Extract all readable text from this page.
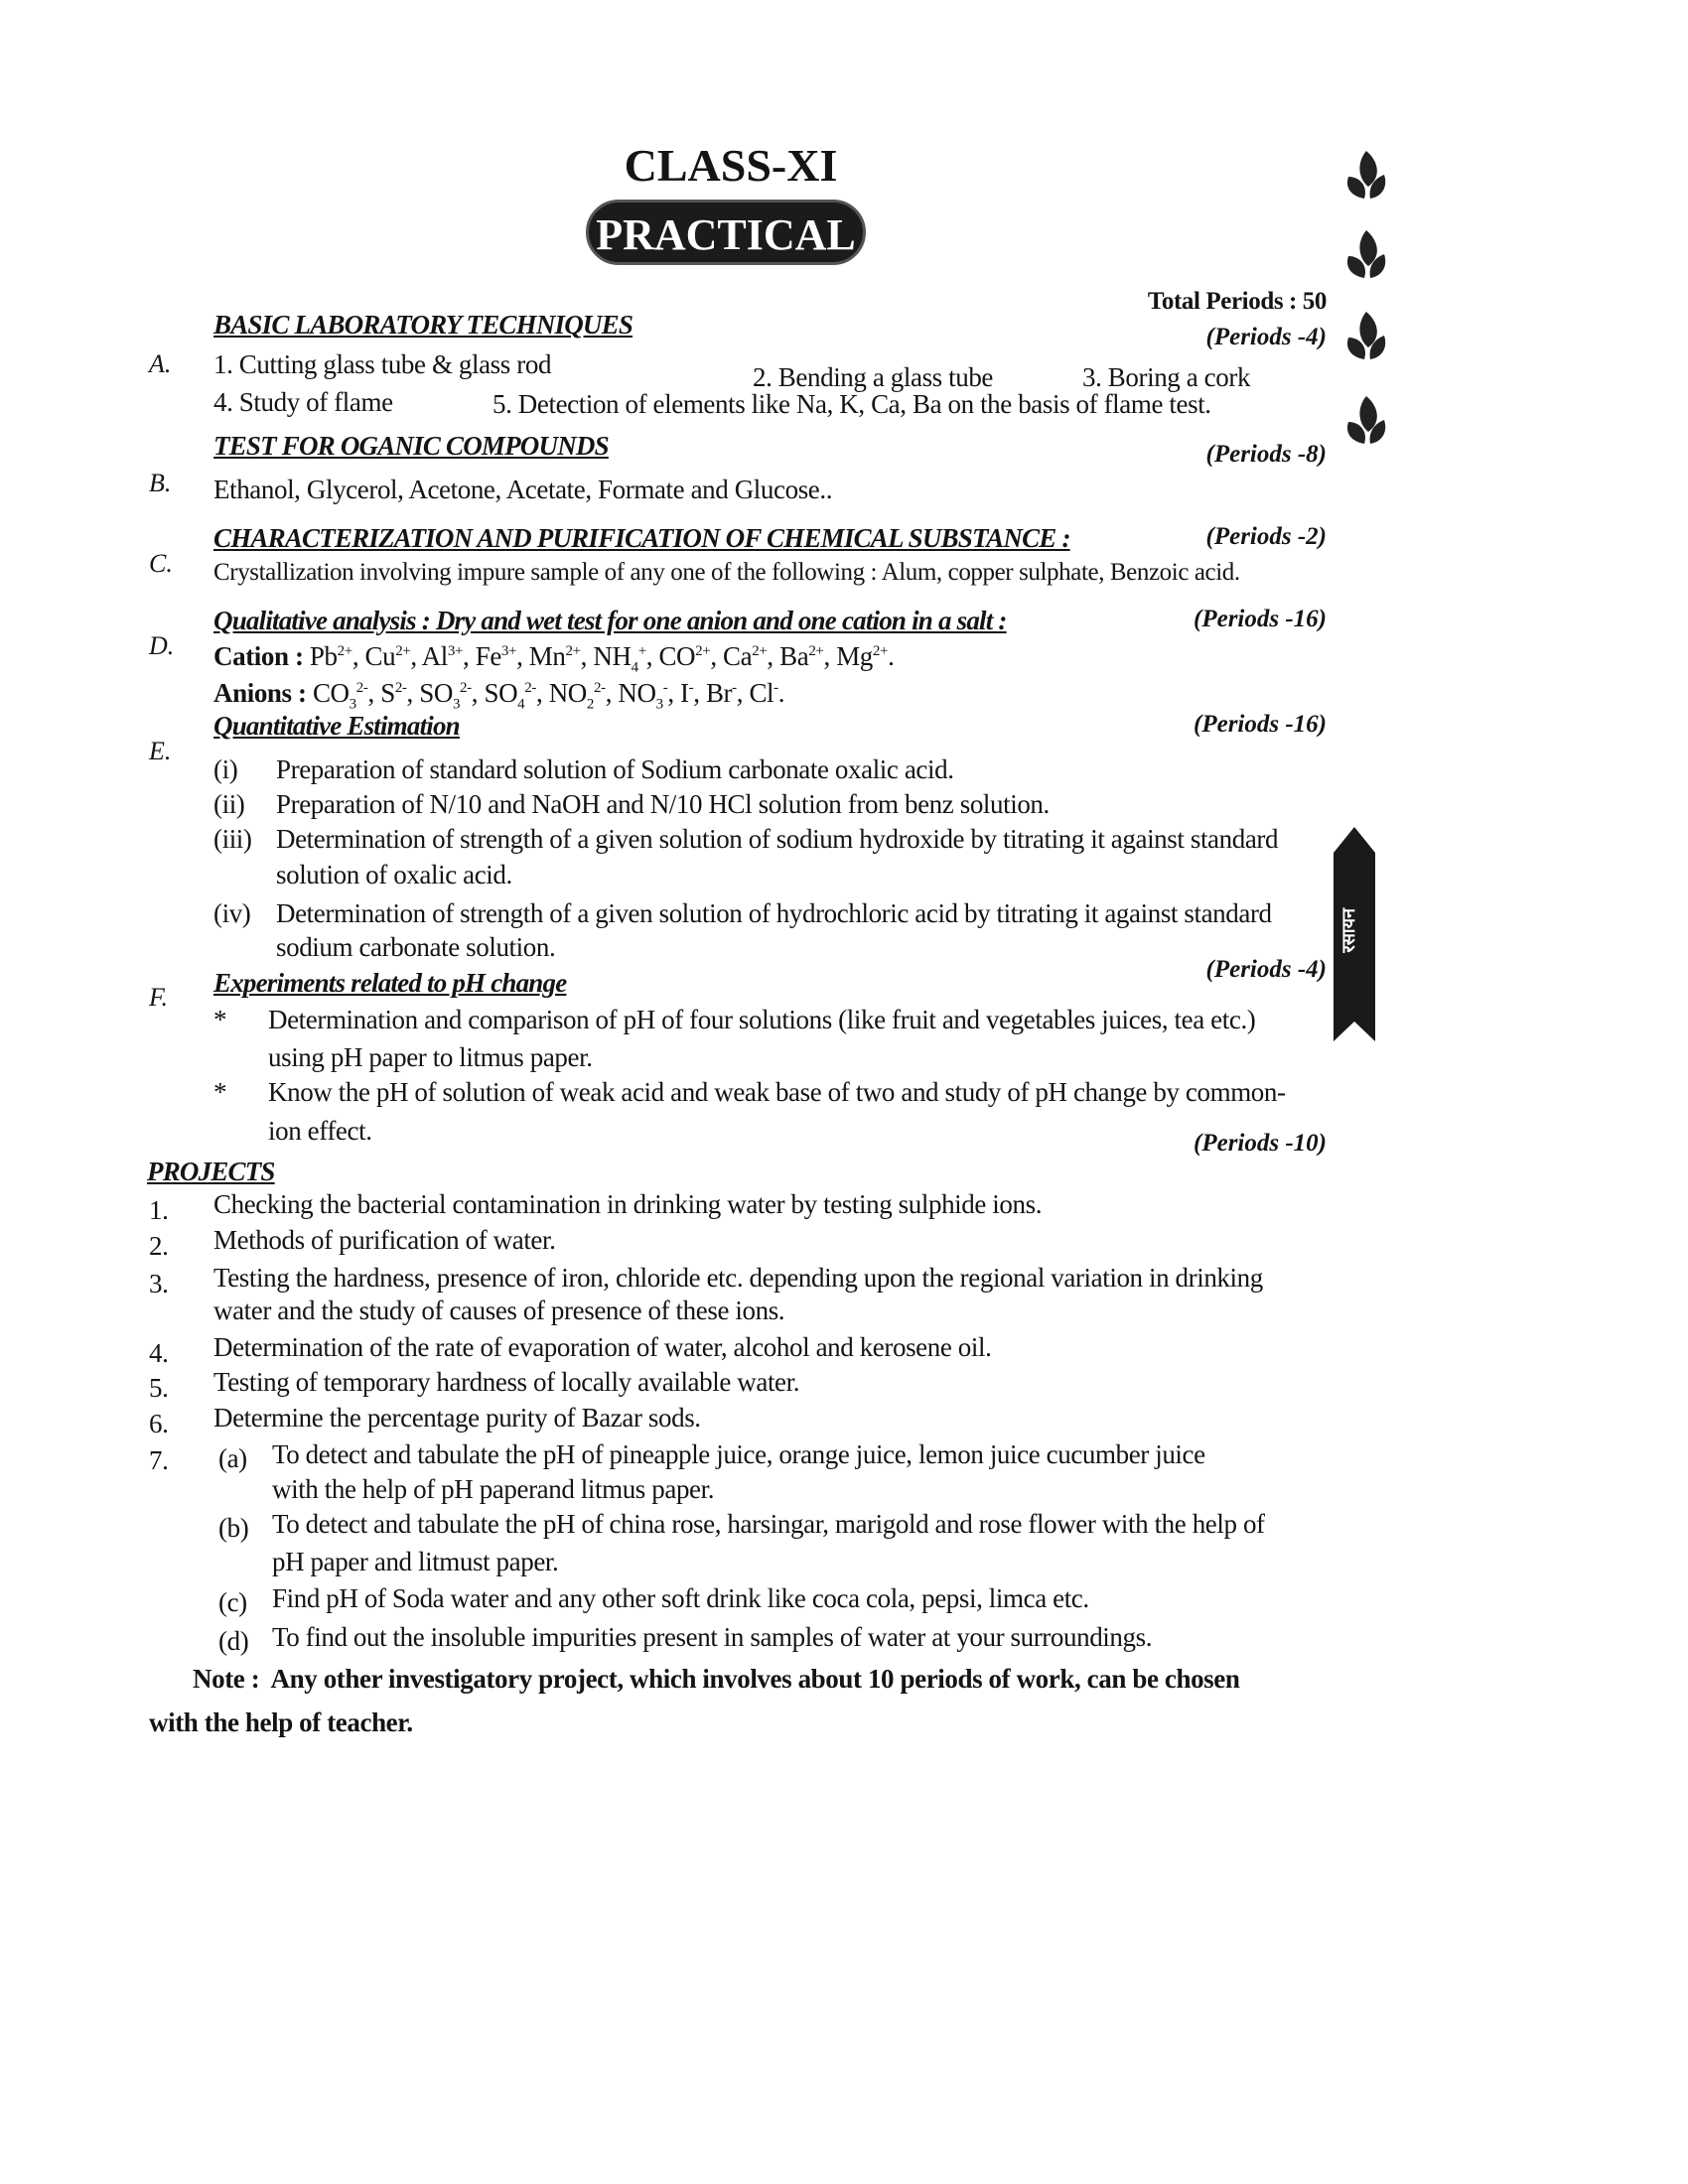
CLASS-XI
PRACTICAL
Total Periods : 50
रसायन
A.
BASIC LABORATORY TECHNIQUES	(Periods -4)
1. Cutting glass tube & glass rod	2. Bending a glass tube	3. Boring a cork
4. Study of flame	5. Detection of elements like Na, K, Ca, Ba on the basis of flame test.
B.
TEST FOR OGANIC COMPOUNDS	(Periods -8)
Ethanol, Glycerol, Acetone, Acetate, Formate and Glucose..
C.
CHARACTERIZATION AND PURIFICATION OF CHEMICAL SUBSTANCE :	(Periods -2)
Crystallization involving impure sample of any one of the following : Alum, copper sulphate, Benzoic acid.
D.
Qualitative analysis : Dry and wet test for one anion and one cation in a salt :	(Periods -16)
Cation : $Pb^{2+}$, $Cu^{2+}$, $Al^{3+}$, $Fe^{3+}$, $Mn^{2+}$, $NH_4^+$, $CO^{2+}$, $Ca^{2+}$, $Ba^{2+}$, $Mg^{2+}$.
Anions : $CO_3^{2-}$, $S^{2-}$, $SO_3^{2-}$, $SO_4^{2-}$, $NO_2^{2-}$, $NO_3^-$, I-, Br-, Cl-.
E.
Quantitative Estimation	(Periods -16)
F. Experiments related to pH change	(Periods -4)
PROJECTS
(Periods -10)
Note : Any other investigatory project, which involves about 10 periods of work, can be chosen
with the help of teacher.
(i) Preparation of standard solution of Sodium carbonate oxalic acid.
(ii) Preparation of N/10 and NaOH and N/10 HCl solution from benz solution.
(iii) Determination of strength of a given solution of sodium hydroxide by titrating it against standard
solution of oxalic acid.
(iv) Determination of strength of a given solution of hydrochloric acid by titrating it against standard
sodium carbonate solution.
* Determination and comparison of pH of four solutions (like fruit and vegetables juices, tea etc.)
using pH paper to litmus paper.
* Know the pH of solution of weak acid and weak base of two and study of pH change by common-
ion effect.
1. Checking the bacterial contamination in drinking water by testing sulphide ions.
2. Methods of purification of water.
3. Testing the hardness, presence of iron, chloride etc. depending upon the regional variation in drinking
water and the study of causes of presence of these ions.
4. Determination of the rate of evaporation of water, alcohol and kerosene oil.
5. Testing of temporary hardness of locally available water.
6. Determine the percentage purity of Bazar sods.
7. (a) To detect and tabulate the pH of pineapple juice, orange juice, lemon juice cucumber juice
with the help of pH paperand litmus paper.
(b) To detect and tabulate the pH of china rose, harsingar, marigold and rose flower with the help of
pH paper and litmust paper.
(c) Find pH of Soda water and any other soft drink like coca cola, pepsi, limca etc.
(d) To find out the insoluble impurities present in samples of water at your surroundings.
